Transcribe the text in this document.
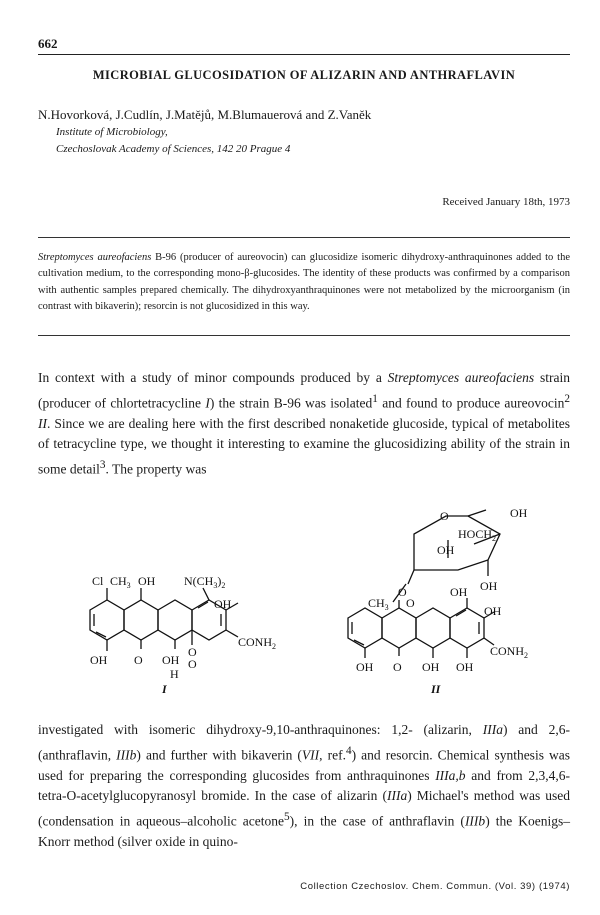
662
MICROBIAL GLUCOSIDATION OF ALIZARIN AND ANTHRAFLAVIN
N.Hovorková, J.Cudlín, J.Matějů, M.Blumauerová and Z.Vaněk
Institute of Microbiology,
Czechoslovak Academy of Sciences, 142 20 Prague 4
Received January 18th, 1973
Streptomyces aureofaciens B-96 (producer of aureovocin) can glucosidize isomeric dihydroxy-anthraquinones added to the cultivation medium, to the corresponding mono-β-glucosides. The identity of these products was confirmed by a comparison with authentic samples prepared chemically. The dihydroxyanthraquinones were not metabolized by the microorganism (in contrast with bikaverin); resorcin is not glucosidized in this way.
In context with a study of minor compounds produced by a Streptomyces aureofaciens strain (producer of chlortetracycline I) the strain B-96 was isolated$^1$ and found to produce aureovocin$^2$ II. Since we are dealing here with the first described nonaketide glucoside, typical of metabolites of tetracycline type, we thought it interesting to examine the glucosidizing ability of the strain in some detail$^3$. The property was
Cl $CH_3$ OH $N(CH_3)_2$
OH
$CONH_2$
OH O OH
O
H
O
I
O	OH
$HOCH_2$
OH
OH
O
$CH_3$ O
OH
OH
$CONH_2$
OH O OH OH
II
investigated with isomeric dihydroxy-9,10-anthraquinones: 1,2- (alizarin, IIIa) and 2,6- (anthraflavin, IIIb) and further with bikaverin (VII, ref.$^4$) and resorcin. Chemical synthesis was used for preparing the corresponding glucosides from anthraquinones IIIa,b and from 2,3,4,6-tetra-O-acetylglucopyranosyl bromide. In the case of alizarin (IIIa) Michael's method was used (condensation in aqueous–alcoholic acetone$^5$), in the case of anthraflavin (IIIb) the Koenigs–Knorr method (silver oxide in quino-
Collection Czechoslov. Chem. Commun. (Vol. 39) (1974)
